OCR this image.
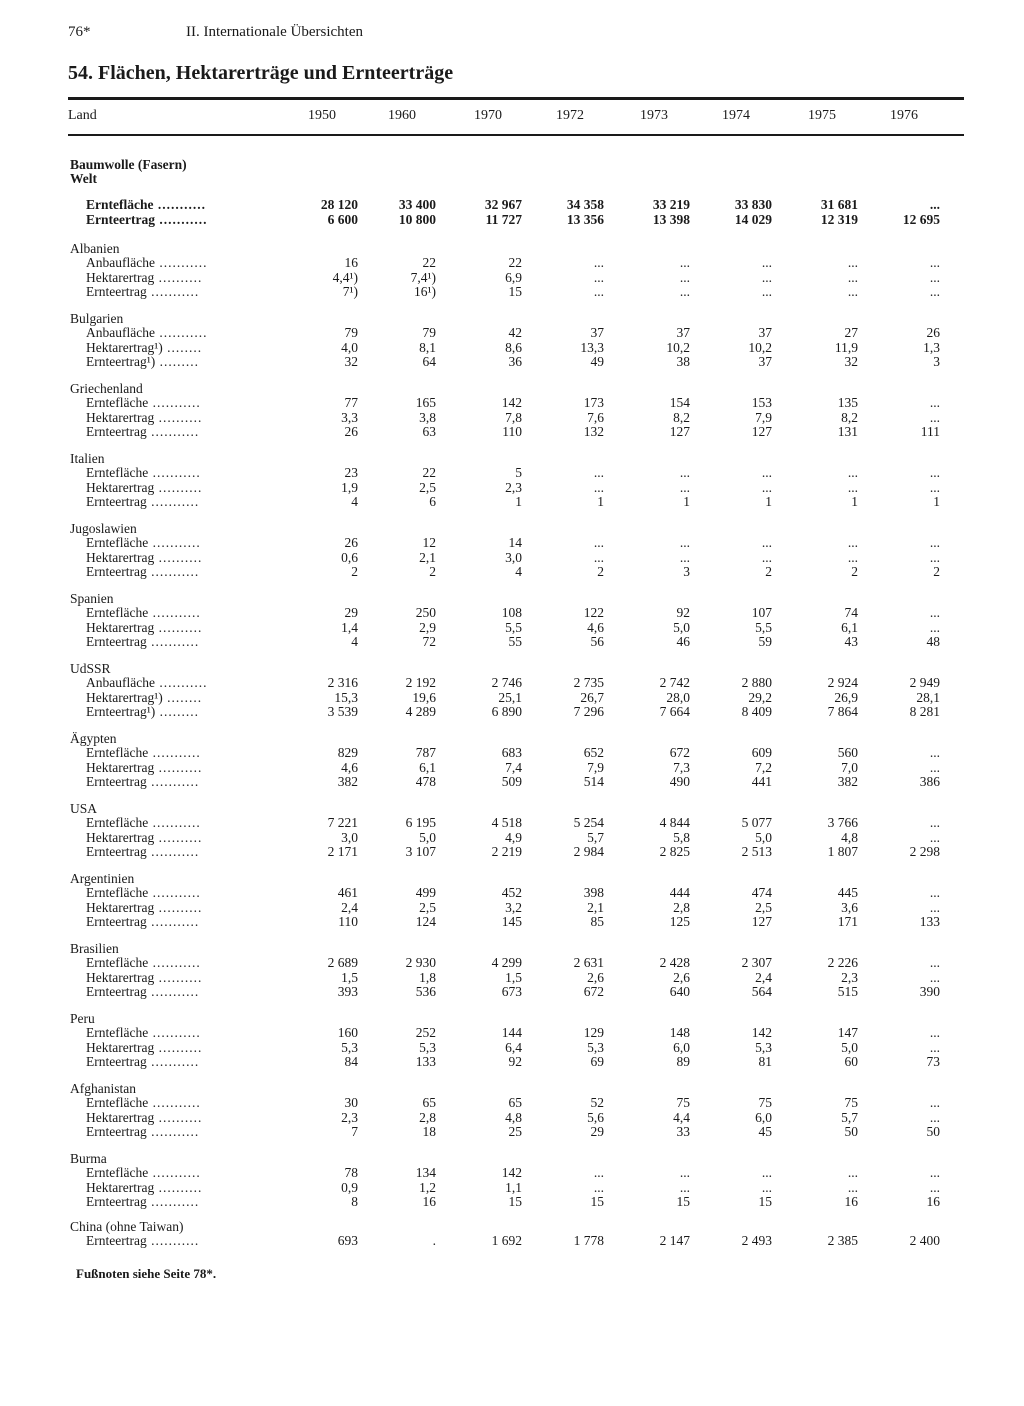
76*	II. Internationale Übersichten
54. Flächen, Hektarerträge und Ernteerträge
Land	1950	1960	1970	1972	1973	1974	1975	1976
Baumwolle (Fasern)
Welt
Erntefläche ...........	28 120	33 400	32 967	34 358	33 219	33 830	31 681	...
Ernteertrag ...........	6 600	10 800	11 727	13 356	13 398	14 029	12 319	12 695
Albanien
Anbaufläche ...........	16	22	22	...	...	...	...	...
Hektarertrag ..........	4,4¹)	7,4¹)	6,9	...	...	...	...	...
Ernteertrag ...........	7¹)	16¹)	15	...	...	...	...	...
Bulgarien
Anbaufläche ...........	79	79	42	37	37	37	27	26
Hektarertrag¹) ........	4,0	8,1	8,6	13,3	10,2	10,2	11,9	1,3
Ernteertrag¹) .........	32	64	36	49	38	37	32	3
Griechenland
Erntefläche ...........	77	165	142	173	154	153	135	...
Hektarertrag ..........	3,3	3,8	7,8	7,6	8,2	7,9	8,2	...
Ernteertrag ...........	26	63	110	132	127	127	131	111
Italien
Erntefläche ...........	23	22	5	...	...	...	...	...
Hektarertrag ..........	1,9	2,5	2,3	...	...	...	...	...
Ernteertrag ...........	4	6	1	1	1	1	1	1
Jugoslawien
Erntefläche ...........	26	12	14	...	...	...	...	...
Hektarertrag ..........	0,6	2,1	3,0	...	...	...	...	...
Ernteertrag ...........	2	2	4	2	3	2	2	2
Spanien
Erntefläche ...........	29	250	108	122	92	107	74	...
Hektarertrag ..........	1,4	2,9	5,5	4,6	5,0	5,5	6,1	...
Ernteertrag ...........	4	72	55	56	46	59	43	48
UdSSR
Anbaufläche ...........	2 316	2 192	2 746	2 735	2 742	2 880	2 924	2 949
Hektarertrag¹) ........	15,3	19,6	25,1	26,7	28,0	29,2	26,9	28,1
Ernteertrag¹) .........	3 539	4 289	6 890	7 296	7 664	8 409	7 864	8 281
Ägypten
Erntefläche ...........	829	787	683	652	672	609	560	...
Hektarertrag ..........	4,6	6,1	7,4	7,9	7,3	7,2	7,0	...
Ernteertrag ...........	382	478	509	514	490	441	382	386
USA
Erntefläche ...........	7 221	6 195	4 518	5 254	4 844	5 077	3 766	...
Hektarertrag ..........	3,0	5,0	4,9	5,7	5,8	5,0	4,8	...
Ernteertrag ...........	2 171	3 107	2 219	2 984	2 825	2 513	1 807	2 298
Argentinien
Erntefläche ...........	461	499	452	398	444	474	445	...
Hektarertrag ..........	2,4	2,5	3,2	2,1	2,8	2,5	3,6	...
Ernteertrag ...........	110	124	145	85	125	127	171	133
Brasilien
Erntefläche ...........	2 689	2 930	4 299	2 631	2 428	2 307	2 226	...
Hektarertrag ..........	1,5	1,8	1,5	2,6	2,6	2,4	2,3	...
Ernteertrag ...........	393	536	673	672	640	564	515	390
Peru
Erntefläche ...........	160	252	144	129	148	142	147	...
Hektarertrag ..........	5,3	5,3	6,4	5,3	6,0	5,3	5,0	...
Ernteertrag ...........	84	133	92	69	89	81	60	73
Afghanistan
Erntefläche ...........	30	65	65	52	75	75	75	...
Hektarertrag ..........	2,3	2,8	4,8	5,6	4,4	6,0	5,7	...
Ernteertrag ...........	7	18	25	29	33	45	50	50
Burma
Erntefläche ...........	78	134	142	...	...	...	...	...
Hektarertrag ..........	0,9	1,2	1,1	...	...	...	...	...
Ernteertrag ...........	8	16	15	15	15	15	16	16
China (ohne Taiwan)
Ernteertrag ...........	693	.	1 692	1 778	2 147	2 493	2 385	2 400
Fußnoten siehe Seite 78*.
